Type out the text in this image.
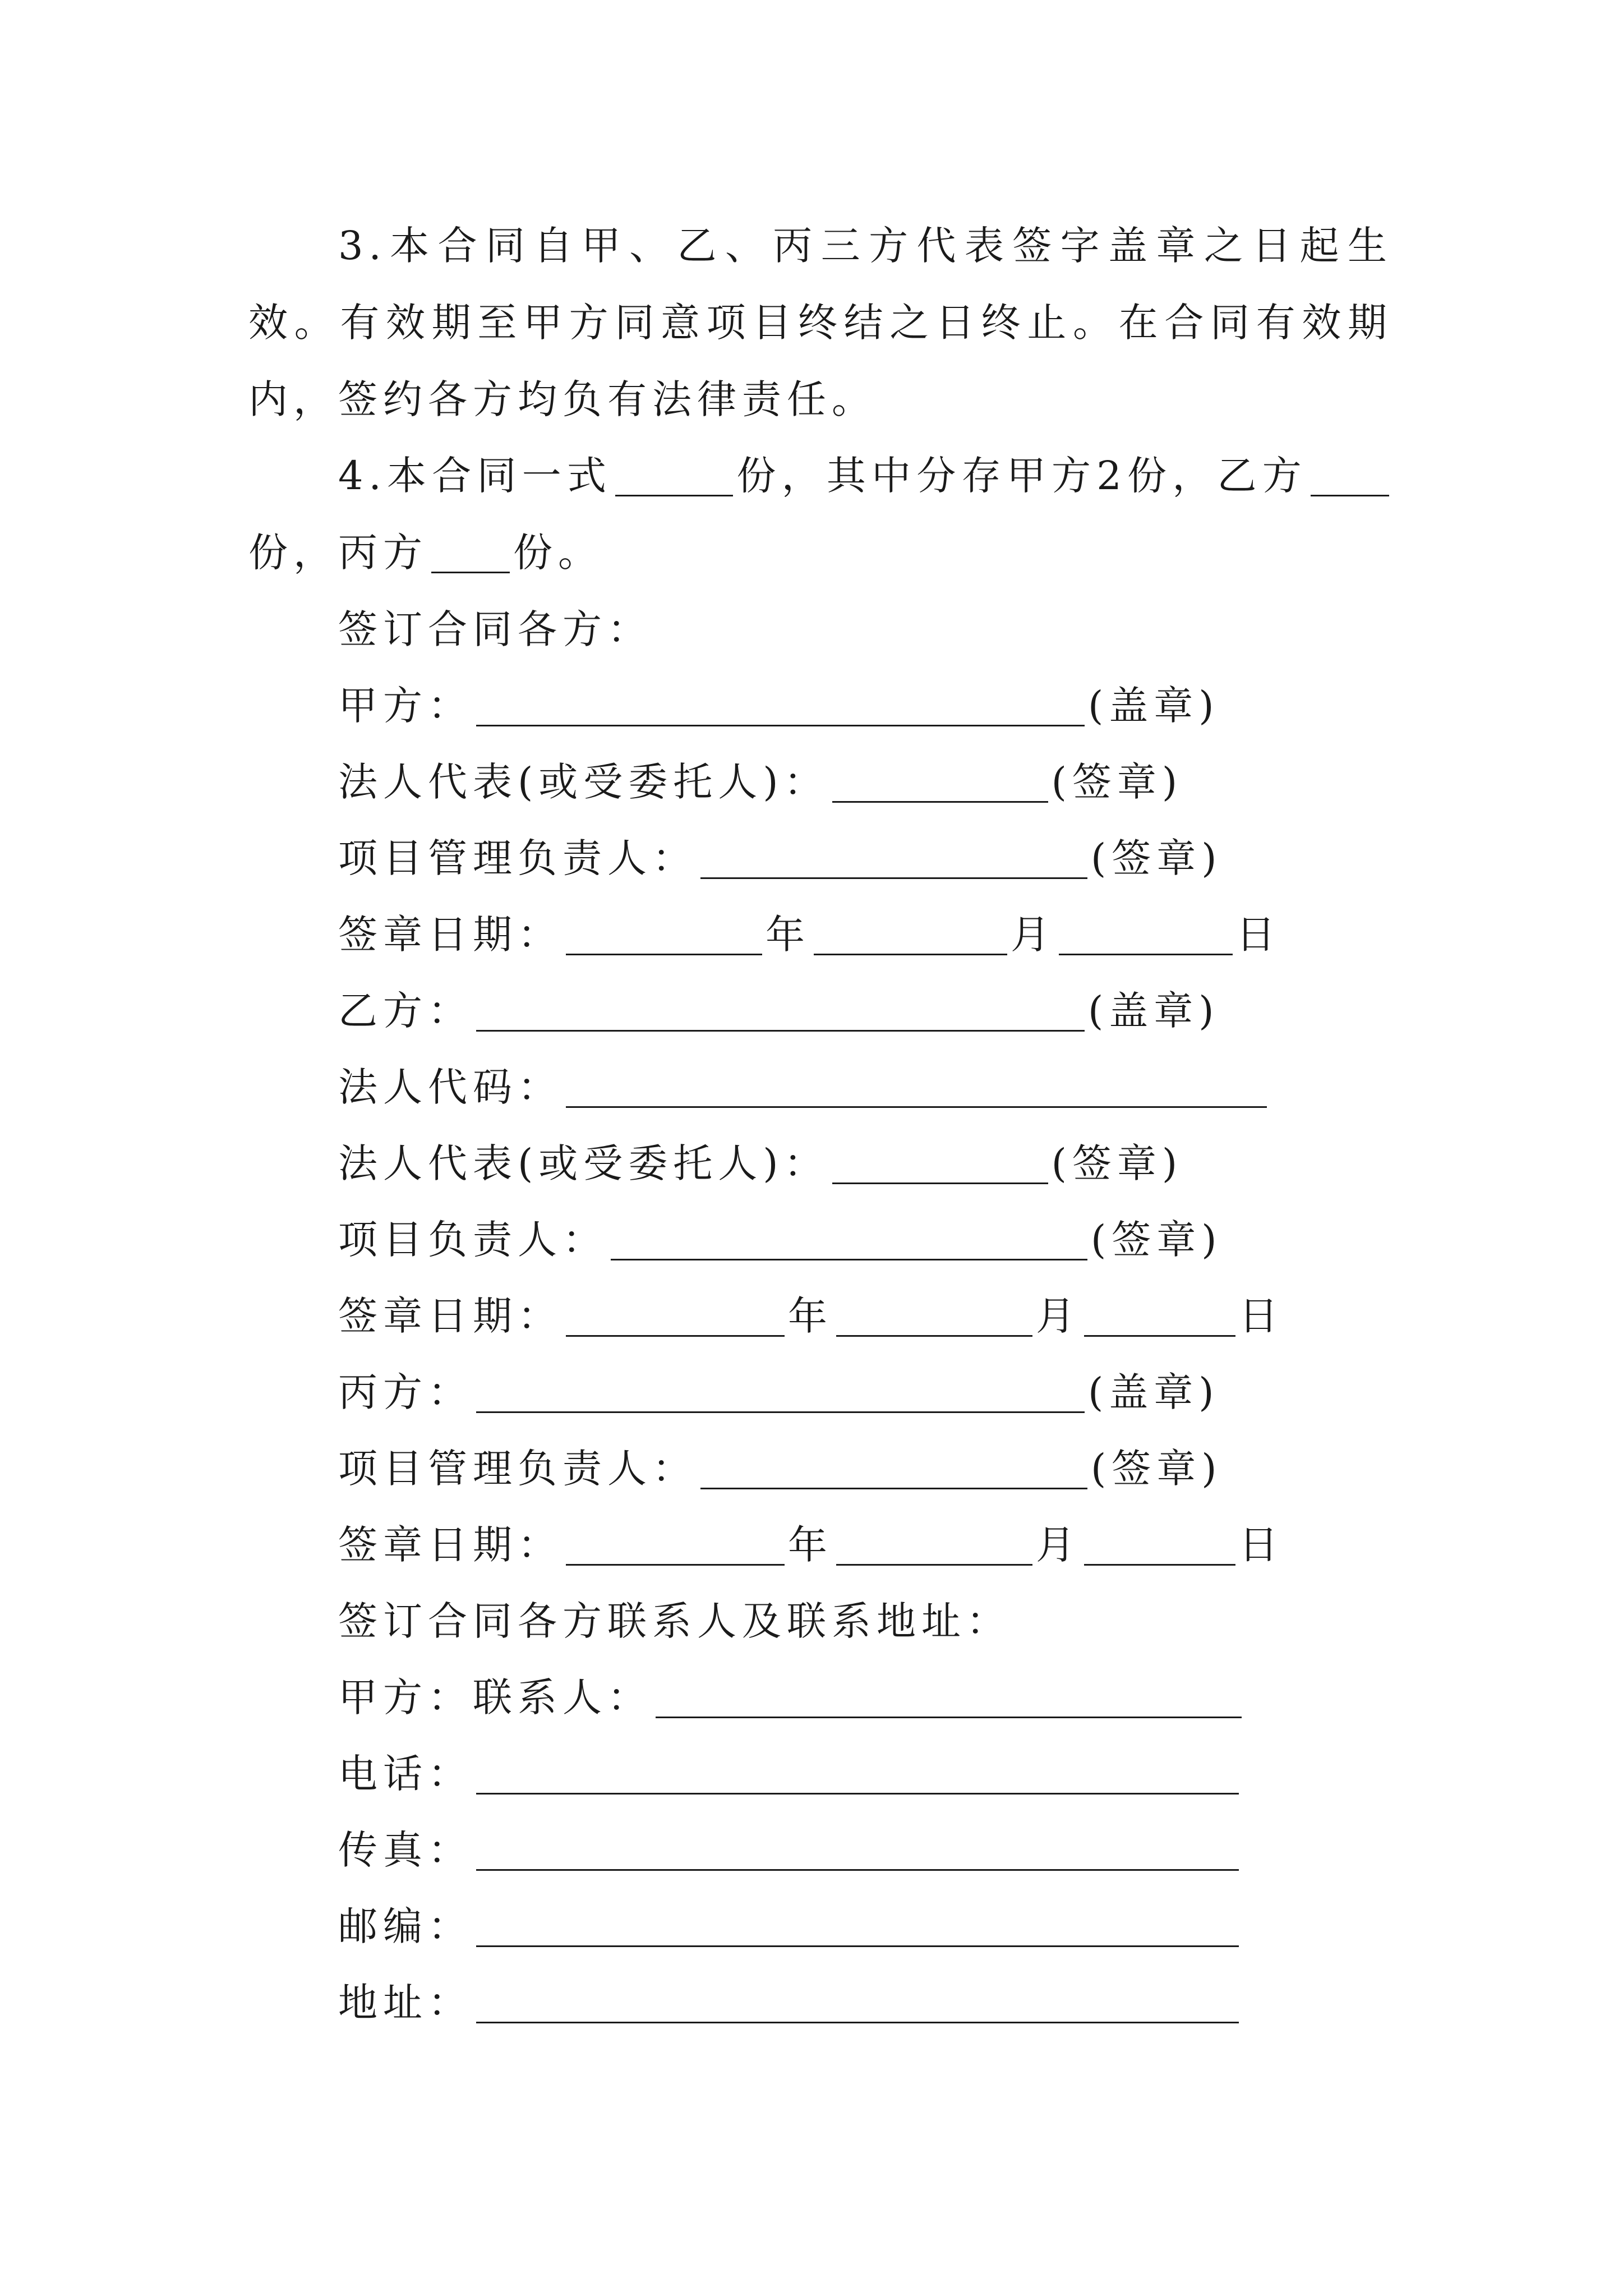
3.本合同自甲、乙、丙三方代表签字盖章之日起生效。有效期至甲方同意项目终结之日终止。在合同有效期内，签约各方均负有法律责任。

4.本合同一式	份，其中分存甲方2份，乙方份，丙方 份。
签订合同各方：
甲方：	(盖章)
法人代表(或受委托人)：	(签章)
项目管理负责人：	(签章)
签章日期：	年	月	日
乙方：	(盖章)
法人代码：
法人代表(或受委托人)：	(签章)
项目负责人：	(签章)
签章日期：	年	月	日
丙方：	(盖章)
项目管理负责人：	(签章)
签章日期：	年	月	日
签订合同各方联系人及联系地址：
甲方：联系人：
电话：
传真：
邮编：
地址：
